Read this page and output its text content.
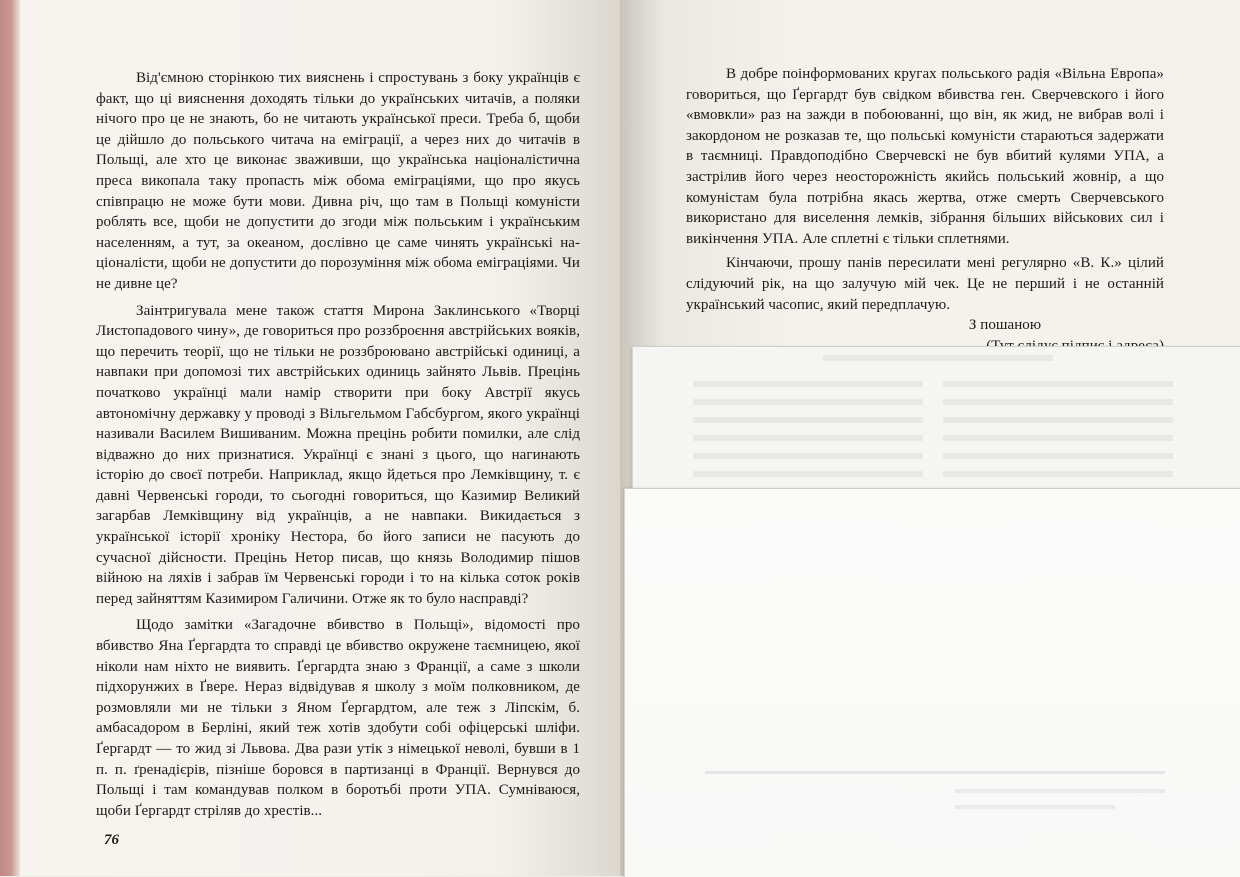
Від'ємною сторінкою тих вияснень і спростувань з боку українців є факт, що ці вияснення доходять тільки до українських читачів, а поляки нічого про це не знають, бо не читають української преси. Треба б, щоби це дійшло до польського читача на еміграції, а через них до читачів в Польщі, але хто це виконає зваживши, що українська націоналістична преса викопала таку пропасть між обома еміграціями, що про якусь співпрацю не може бути мови. Дивна річ, що там в Польщі комуністи роблять все, щоби не допустити до згоди між польським і українським населенням, а тут, за океаном, дослівно це саме чинять українські націоналісти, щоби не допустити до порозуміння між обома еміграціями. Чи не дивне це?

Заінтригувала мене також стаття Мирона Заклинського «Творці Листопадового чину», де говориться про роззброєння австрійських вояків, що перечить теорії, що не тільки не роззброювано австрійські одиниці, а навпаки при допомозі тих австрійських одиниць зайнято Львів. Прецінь початково українці мали намір створити при боку Австрії якусь автономічну державку у проводі з Вільгельмом Габсбургом, якого українці називали Василем Вишиваним. Можна прецінь робити помилки, але слід відважно до них признатися. Українці є знані з цього, що нагинають історію до своєї потреби. Наприклад, якщо йдеться про Лемківщину, т. є давні Червенські городи, то сьогодні говориться, що Казимир Великий загарбав Лемківщину від українців, а не навпаки. Викидається з української історії хроніку Нестора, бо його записи не пасують до сучасної дійсности. Прецінь Нетор писав, що князь Володимир пішов війною на ляхів і забрав їм Червенські городи і то на кілька соток років перед зайняттям Казимиром Галичини. Отже як то було насправді?

Щодо замітки «Загадочне вбивство в Польщі», відомості про вбивство Яна Ґергардта то справді це вбивство окружене таємницею, якої ніколи нам ніхто не виявить. Ґергардта знаю з Франції, а саме з школи підхорунжих в Ґвере. Нераз відвідував я школу з моїм полковником, де розмовляли ми не тільки з Яном Ґергардтом, але теж з Ліпскім, б. амбасадором в Берліні, який теж хотів здобути собі офіцерські шліфи. Ґергардт — то жид зі Львова. Два рази утік з німецької неволі, бувши в 1 п. п. ґренадієрів, пізніше боровся в партизанці в Франції. Вернувся до Польщі і там командував полком в боротьбі проти УПА. Сумніваюся, щоби Ґергардт стріляв до хрестів...

76

В добре поінформованих кругах польського радія «Вільна Европа» говориться, що Ґергардт був свідком вбивства ген. Сверчевского і його «вмовкли» раз на зажди в побоюванні, що він, як жид, не вибрав волі і закордоном не розказав те, що польські комуністи стараються задержати в таємниці. Правдоподібно Сверчевскі не був вбитий кулями УПА, а застрілив його через неосторожність якийсь польський жовнір, а що комуністам була потрібна якась жертва, отже смерть Сверчевського використано для виселення лемків, зібрання більших військових сил і викінчення УПА. Але сплетні є тільки сплетнями.

Кінчаючи, прошу панів пересилати мені регулярно «В. К.» цілий слідуючий рік, на що залучую мій чек. Це не перший і не останній український часопис, який передплачую.

З пошаною
